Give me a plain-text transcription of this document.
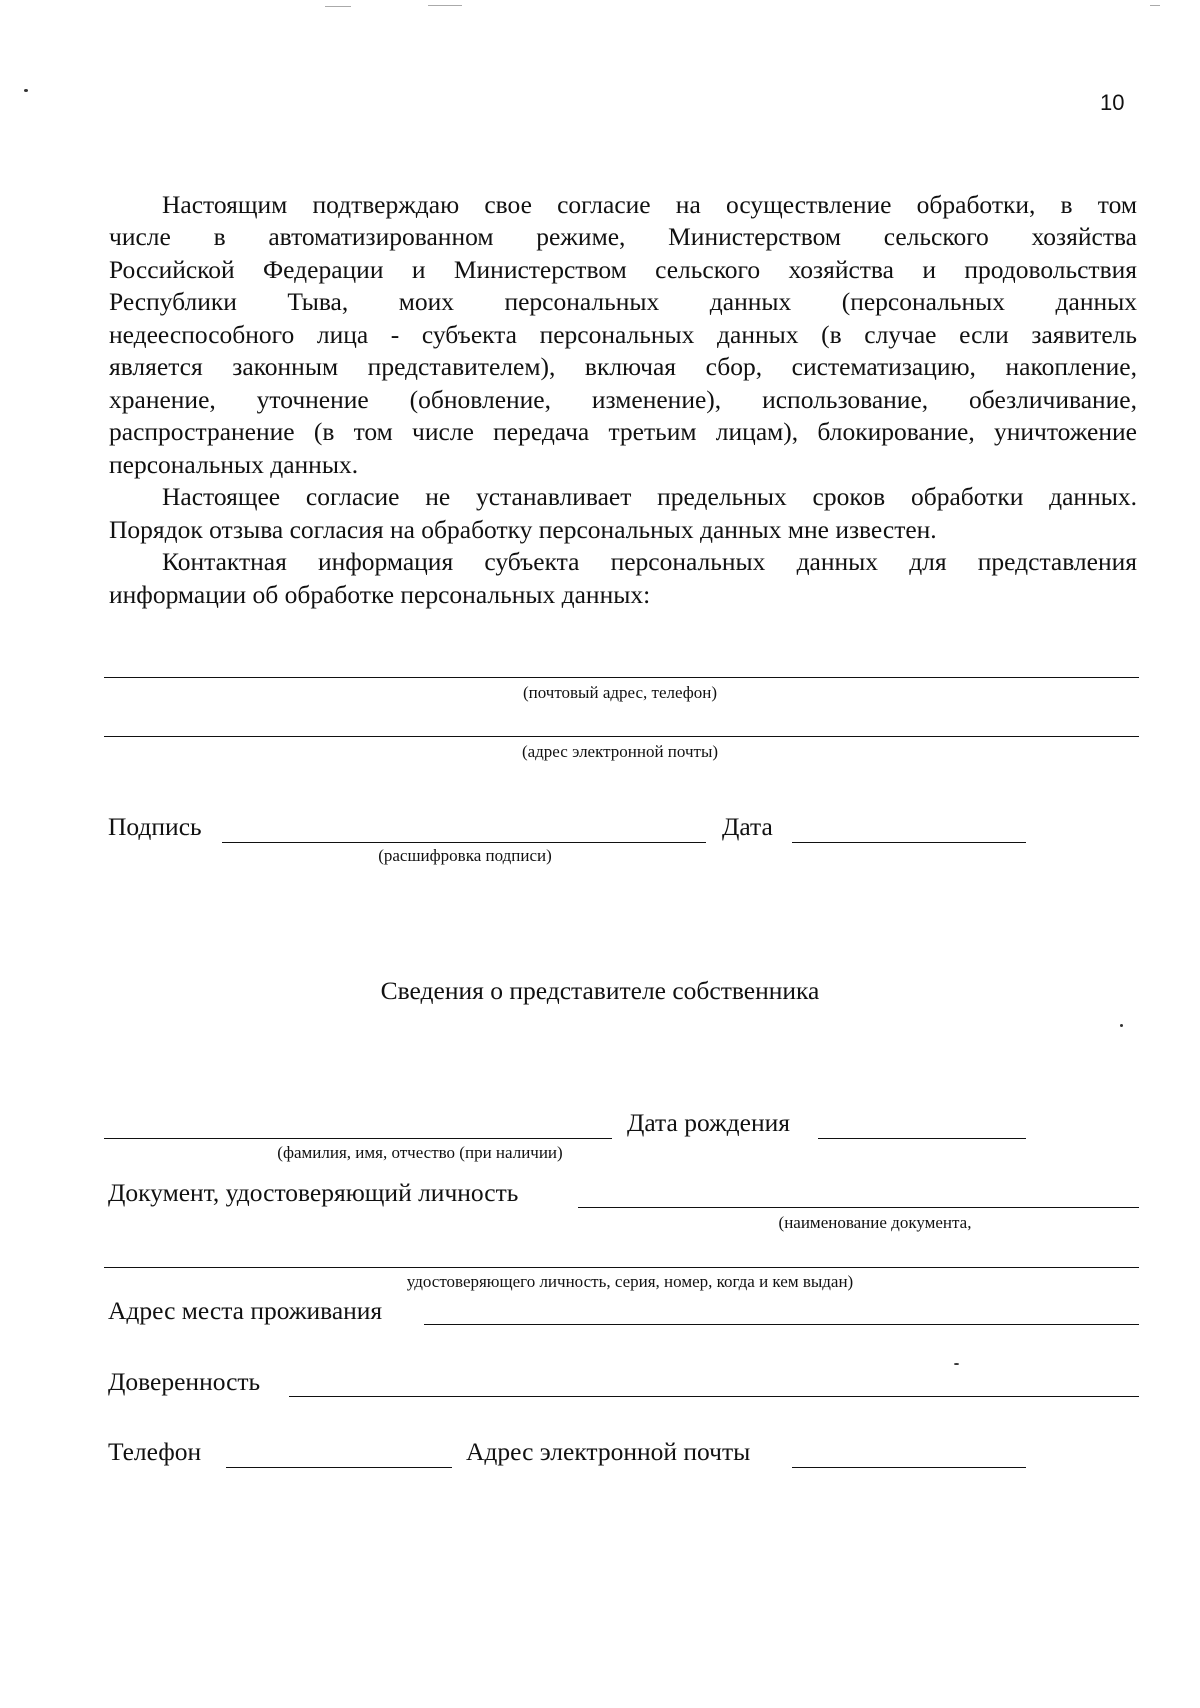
10
Настоящим подтверждаю свое согласие на осуществление обработки, в том
числе в автоматизированном режиме, Министерством сельского хозяйства
Российской Федерации и Министерством сельского хозяйства и продовольствия
Республики Тыва, моих персональных данных (персональных данных
недееспособного лица - субъекта персональных данных (в случае если заявитель
является законным представителем), включая сбор, систематизацию, накопление,
хранение, уточнение (обновление, изменение), использование, обезличивание,
распространение (в том числе передача третьим лицам), блокирование, уничтожение
персональных данных.
Настоящее согласие не устанавливает предельных сроков обработки данных.
Порядок отзыва согласия на обработку персональных данных мне известен.
Контактная информация субъекта персональных данных для представления
информации об обработке персональных данных:
(почтовый адрес, телефон)
(адрес электронной почты)
Подпись
(расшифровка подписи)
Дата
Сведения о представителе собственника
(фамилия, имя, отчество (при наличии)
Дата рождения
Документ, удостоверяющий личность
(наименование документа,
удостоверяющего личность, серия, номер, когда и кем выдан)
Адрес места проживания
Доверенность
Телефон	Адрес электронной почты
